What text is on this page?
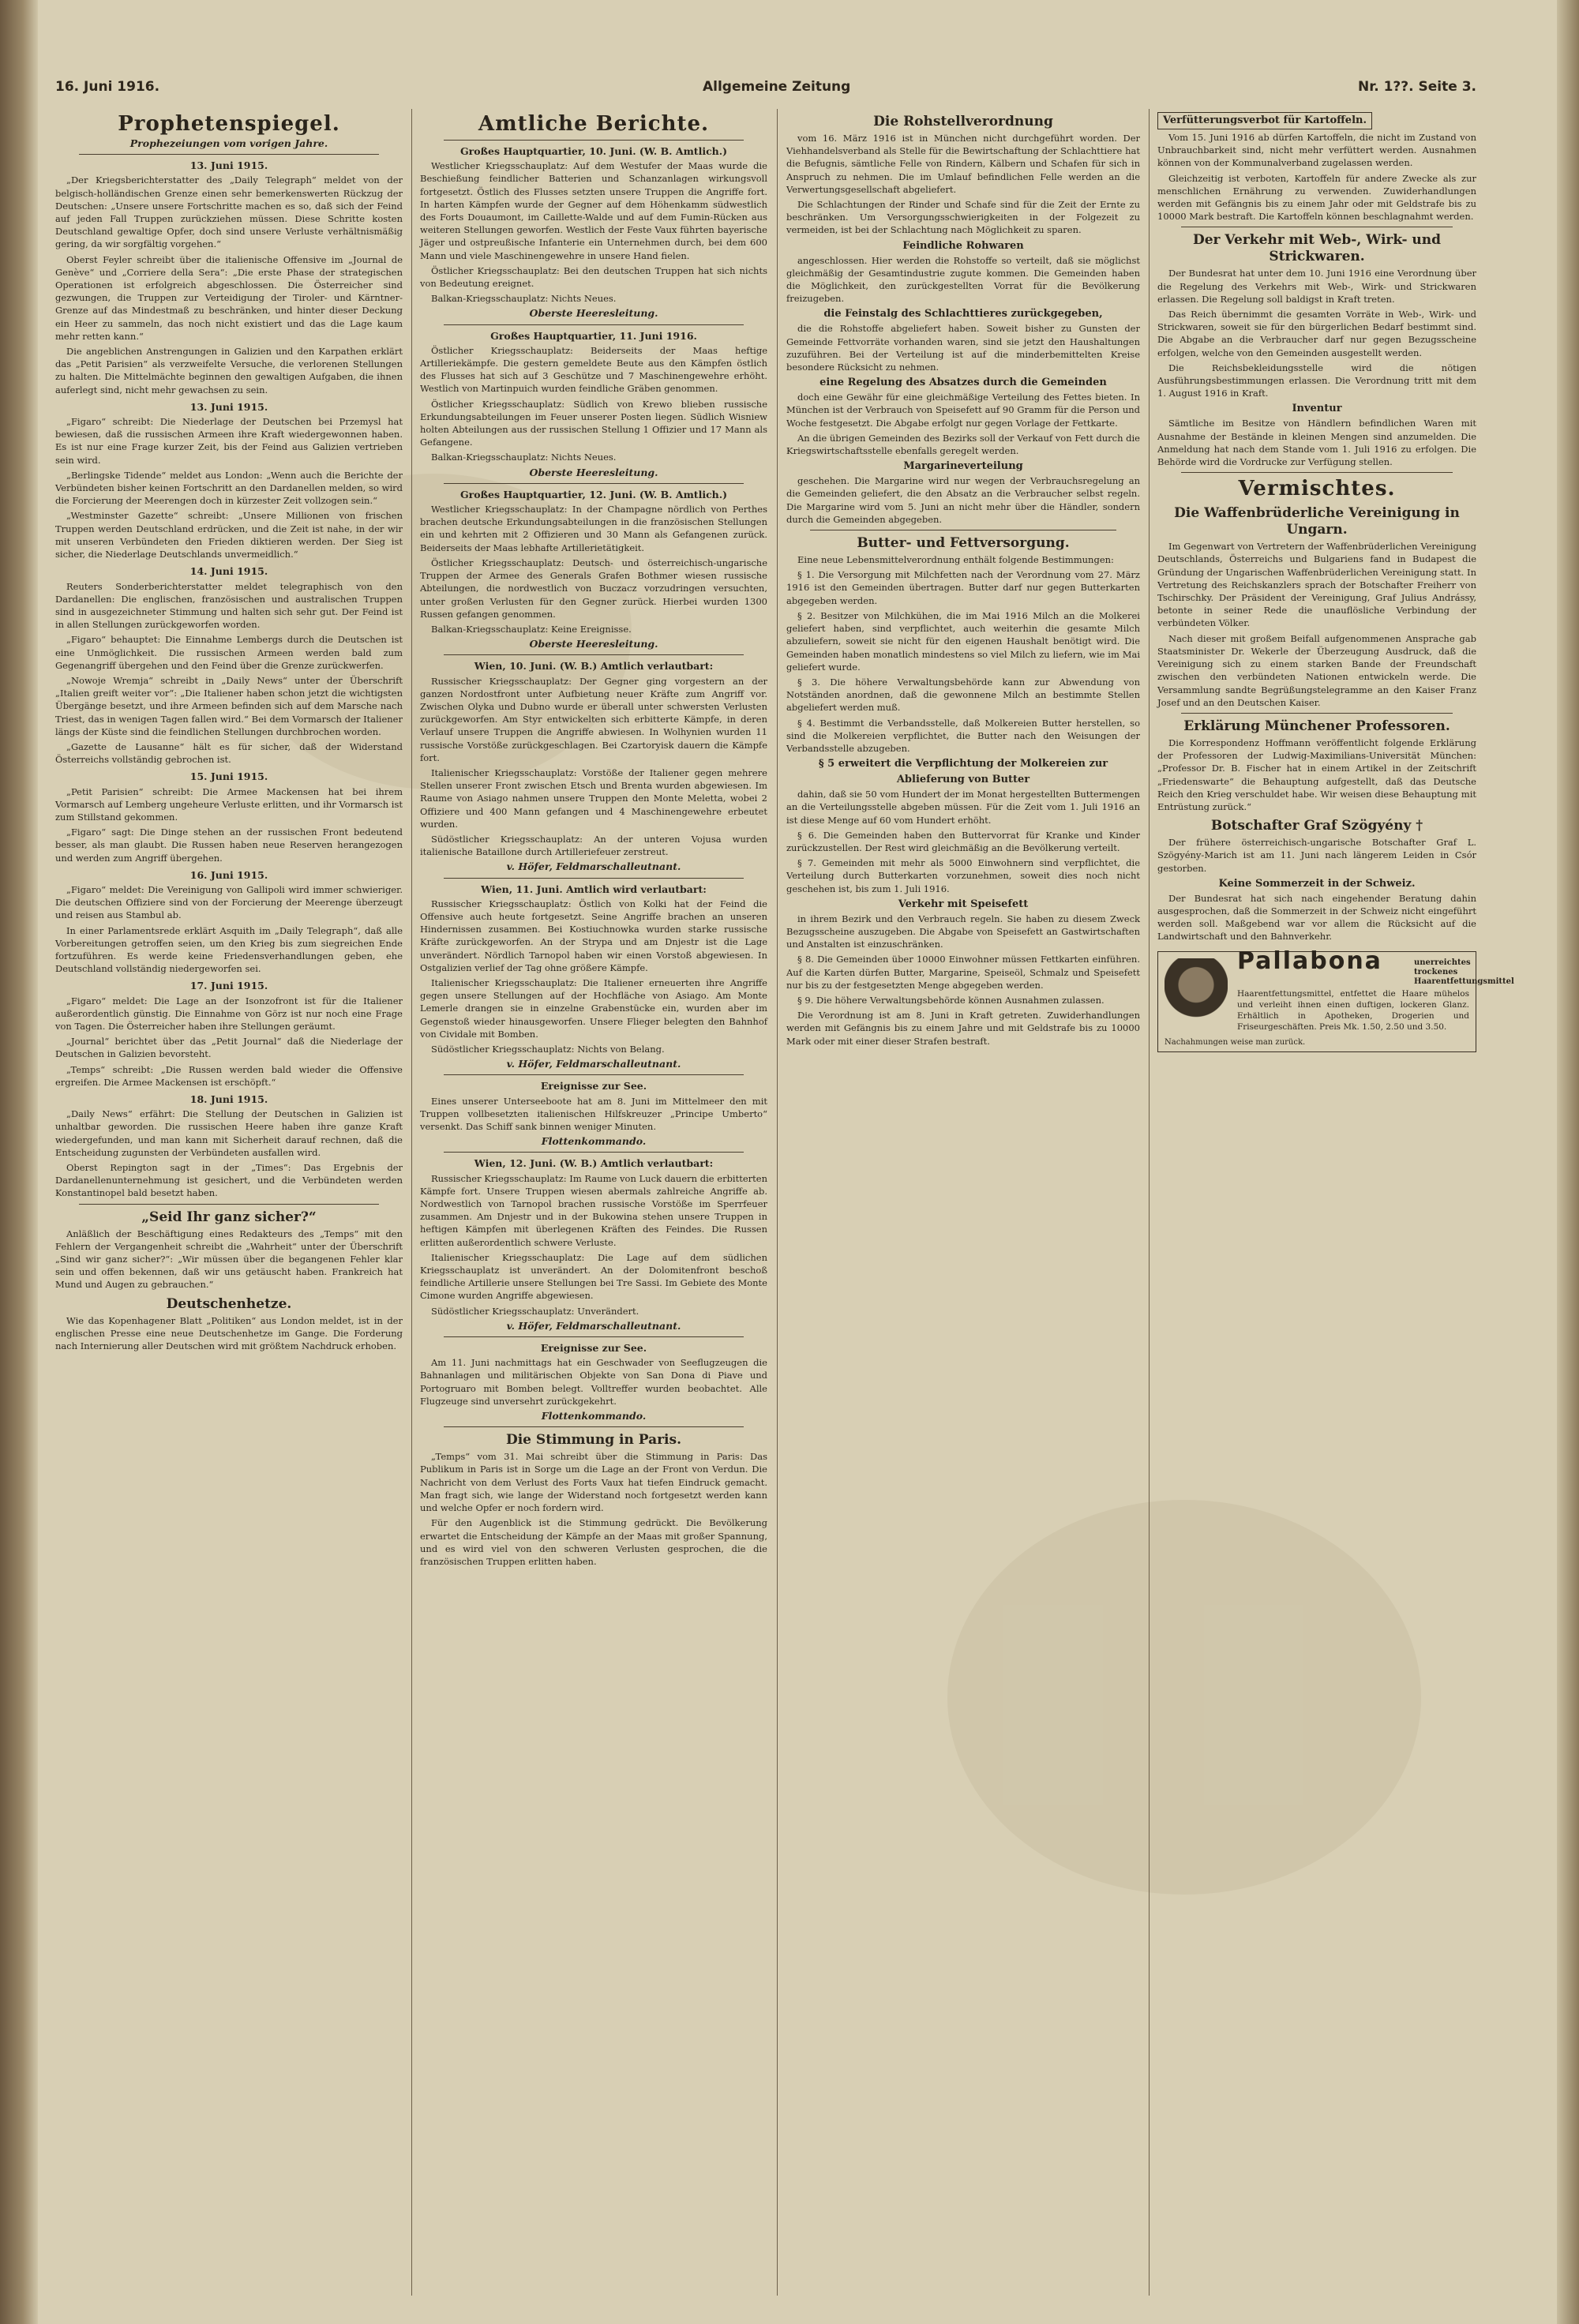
16. Juni 1916.	Allgemeine Zeitung	Nr. 1??. Seite 3.
Prophetenspiegel.
Prophezeiungen vom vorigen Jahre.
13. Juni 1915.

„Der Kriegsberichterstatter des „Daily Telegraph“ meldet von der belgisch-holländischen Grenze einen sehr bemerkenswerten Rückzug der Deutschen: „Unsere unsere Fortschritte machen es so, daß sich der Feind auf jeden Fall Truppen zurückziehen müssen. Diese Schritte kosten Deutschland gewaltige Opfer, doch sind unsere Verluste verhältnismäßig gering, da wir sorgfältig vorgehen.“

Oberst Feyler schreibt über die italienische Offensive im „Journal de Genève“ und „Corriere della Sera“: „Die erste Phase der strategischen Operationen ist erfolgreich abgeschlossen. Die Österreicher sind gezwungen, die Truppen zur Verteidigung der Tiroler- und Kärntner-Grenze auf das Mindestmaß zu beschränken, und hinter dieser Deckung ein Heer zu sammeln, das noch nicht existiert und das die Lage kaum mehr retten kann.“

Die angeblichen Anstrengungen in Galizien und den Karpathen erklärt das „Petit Parisien“ als verzweifelte Versuche, die verlorenen Stellungen zu halten. Die Mittelmächte beginnen den gewaltigen Aufgaben, die ihnen auferlegt sind, nicht mehr gewachsen zu sein.

13. Juni 1915.

„Figaro“ schreibt: Die Niederlage der Deutschen bei Przemysl hat bewiesen, daß die russischen Armeen ihre Kraft wiedergewonnen haben. Es ist nur eine Frage kurzer Zeit, bis der Feind aus Galizien vertrieben sein wird.

„Berlingske Tidende“ meldet aus London: „Wenn auch die Berichte der Verbündeten bisher keinen Fortschritt an den Dardanellen melden, so wird die Forcierung der Meerengen doch in kürzester Zeit vollzogen sein.“

„Westminster Gazette“ schreibt: „Unsere Millionen von frischen Truppen werden Deutschland erdrücken, und die Zeit ist nahe, in der wir mit unseren Verbündeten den Frieden diktieren werden. Der Sieg ist sicher, die Niederlage Deutschlands unvermeidlich.“

14. Juni 1915.

Reuters Sonderberichterstatter meldet telegraphisch von den Dardanellen: Die englischen, französischen und australischen Truppen sind in ausgezeichneter Stimmung und halten sich sehr gut. Der Feind ist in allen Stellungen zurückgeworfen worden.

„Figaro“ behauptet: Die Einnahme Lembergs durch die Deutschen ist eine Unmöglichkeit. Die russischen Armeen werden bald zum Gegenangriff übergehen und den Feind über die Grenze zurückwerfen.

„Nowoje Wremja“ schreibt in „Daily News“ unter der Überschrift „Italien greift weiter vor“: „Die Italiener haben schon jetzt die wichtigsten Übergänge besetzt, und ihre Armeen befinden sich auf dem Marsche nach Triest, das in wenigen Tagen fallen wird.“ Bei dem Vormarsch der Italiener längs der Küste sind die feindlichen Stellungen durchbrochen worden.

„Gazette de Lausanne“ hält es für sicher, daß der Widerstand Österreichs vollständig gebrochen ist.

15. Juni 1915.

„Petit Parisien“ schreibt: Die Armee Mackensen hat bei ihrem Vormarsch auf Lemberg ungeheure Verluste erlitten, und ihr Vormarsch ist zum Stillstand gekommen.

„Figaro“ sagt: Die Dinge stehen an der russischen Front bedeutend besser, als man glaubt. Die Russen haben neue Reserven herangezogen und werden zum Angriff übergehen.

16. Juni 1915.

„Figaro“ meldet: Die Vereinigung von Gallipoli wird immer schwieriger. Die deutschen Offiziere sind von der Forcierung der Meerenge überzeugt und reisen aus Stambul ab.

In einer Parlamentsrede erklärt Asquith im „Daily Telegraph“, daß alle Vorbereitungen getroffen seien, um den Krieg bis zum siegreichen Ende fortzuführen. Es werde keine Friedensverhandlungen geben, ehe Deutschland vollständig niedergeworfen sei.

17. Juni 1915.

„Figaro“ meldet: Die Lage an der Isonzofront ist für die Italiener außerordentlich günstig. Die Einnahme von Görz ist nur noch eine Frage von Tagen. Die Österreicher haben ihre Stellungen geräumt.

„Journal“ berichtet über das „Petit Journal“ daß die Niederlage der Deutschen in Galizien bevorsteht.

„Temps“ schreibt: „Die Russen werden bald wieder die Offensive ergreifen. Die Armee Mackensen ist erschöpft.“

18. Juni 1915.

„Daily News“ erfährt: Die Stellung der Deutschen in Galizien ist unhaltbar geworden. Die russischen Heere haben ihre ganze Kraft wiedergefunden, und man kann mit Sicherheit darauf rechnen, daß die Entscheidung zugunsten der Verbündeten ausfallen wird.

Oberst Repington sagt in der „Times“: Das Ergebnis der Dardanellenunternehmung ist gesichert, und die Verbündeten werden Konstantinopel bald besetzt haben.

„Seid Ihr ganz sicher?“

Anläßlich der Beschäftigung eines Redakteurs des „Temps“ mit den Fehlern der Vergangenheit schreibt die „Wahrheit“ unter der Überschrift „Sind wir ganz sicher?“: „Wir müssen über die begangenen Fehler klar sein und offen bekennen, daß wir uns getäuscht haben. Frankreich hat Mund und Augen zu gebrauchen.“

Deutschenhetze.

Wie das Kopenhagener Blatt „Politiken“ aus London meldet, ist in der englischen Presse eine neue Deutschenhetze im Gange. Die Forderung nach Internierung aller Deutschen wird mit größtem Nachdruck erhoben.

Amtliche Berichte.
Großes Hauptquartier, 10. Juni. (W. B. Amtlich.)

Westlicher Kriegsschauplatz: Auf dem Westufer der Maas wurde die Beschießung feindlicher Batterien und Schanzanlagen wirkungsvoll fortgesetzt. Östlich des Flusses setzten unsere Truppen die Angriffe fort. In harten Kämpfen wurde der Gegner auf dem Höhenkamm südwestlich des Forts Douaumont, im Caillette-Walde und auf dem Fumin-Rücken aus weiteren Stellungen geworfen. Westlich der Feste Vaux führten bayerische Jäger und ostpreußische Infanterie ein Unternehmen durch, bei dem 600 Mann und viele Maschinengewehre in unsere Hand fielen.

Östlicher Kriegsschauplatz: Bei den deutschen Truppen hat sich nichts von Bedeutung ereignet.

Balkan-Kriegsschauplatz: Nichts Neues.

Oberste Heeresleitung.
Großes Hauptquartier, 11. Juni 1916.

Östlicher Kriegsschauplatz: Beiderseits der Maas heftige Artilleriekämpfe. Die gestern gemeldete Beute aus den Kämpfen östlich des Flusses hat sich auf 3 Geschütze und 7 Maschinengewehre erhöht. Westlich von Martinpuich wurden feindliche Gräben genommen.

Östlicher Kriegsschauplatz: Südlich von Krewo blieben russische Erkundungsabteilungen im Feuer unserer Posten liegen. Südlich Wisniew holten Abteilungen aus der russischen Stellung 1 Offizier und 17 Mann als Gefangene.

Balkan-Kriegsschauplatz: Nichts Neues.

Oberste Heeresleitung.
Großes Hauptquartier, 12. Juni. (W. B. Amtlich.)

Westlicher Kriegsschauplatz: In der Champagne nördlich von Perthes brachen deutsche Erkundungsabteilungen in die französischen Stellungen ein und kehrten mit 2 Offizieren und 30 Mann als Gefangenen zurück. Beiderseits der Maas lebhafte Artillerietätigkeit.

Östlicher Kriegsschauplatz: Deutsch- und österreichisch-ungarische Truppen der Armee des Generals Grafen Bothmer wiesen russische Abteilungen, die nordwestlich von Buczacz vorzudringen versuchten, unter großen Verlusten für den Gegner zurück. Hierbei wurden 1300 Russen gefangen genommen.

Balkan-Kriegsschauplatz: Keine Ereignisse.

Oberste Heeresleitung.
Wien, 10. Juni. (W. B.) Amtlich verlautbart:

Russischer Kriegsschauplatz: Der Gegner ging vorgestern an der ganzen Nordostfront unter Aufbietung neuer Kräfte zum Angriff vor. Zwischen Olyka und Dubno wurde er überall unter schwersten Verlusten zurückgeworfen. Am Styr entwickelten sich erbitterte Kämpfe, in deren Verlauf unsere Truppen die Angriffe abwiesen. In Wolhynien wurden 11 russische Vorstöße zurückgeschlagen. Bei Czartoryisk dauern die Kämpfe fort.

Italienischer Kriegsschauplatz: Vorstöße der Italiener gegen mehrere Stellen unserer Front zwischen Etsch und Brenta wurden abgewiesen. Im Raume von Asiago nahmen unsere Truppen den Monte Meletta, wobei 2 Offiziere und 400 Mann gefangen und 4 Maschinengewehre erbeutet wurden.

Südöstlicher Kriegsschauplatz: An der unteren Vojusa wurden italienische Bataillone durch Artilleriefeuer zerstreut.

v. Höfer, Feldmarschalleutnant.
Wien, 11. Juni. Amtlich wird verlautbart:

Russischer Kriegsschauplatz: Östlich von Kolki hat der Feind die Offensive auch heute fortgesetzt. Seine Angriffe brachen an unseren Hindernissen zusammen. Bei Kostiuchnowka wurden starke russische Kräfte zurückgeworfen. An der Strypa und am Dnjestr ist die Lage unverändert. Nördlich Tarnopol haben wir einen Vorstoß abgewiesen. In Ostgalizien verlief der Tag ohne größere Kämpfe.

Italienischer Kriegsschauplatz: Die Italiener erneuerten ihre Angriffe gegen unsere Stellungen auf der Hochfläche von Asiago. Am Monte Lemerle drangen sie in einzelne Grabenstücke ein, wurden aber im Gegenstoß wieder hinausgeworfen. Unsere Flieger belegten den Bahnhof von Cividale mit Bomben.

Südöstlicher Kriegsschauplatz: Nichts von Belang.

v. Höfer, Feldmarschalleutnant.
Ereignisse zur See.

Eines unserer Unterseeboote hat am 8. Juni im Mittelmeer den mit Truppen vollbesetzten italienischen Hilfskreuzer „Principe Umberto“ versenkt. Das Schiff sank binnen weniger Minuten.

Flottenkommando.
Wien, 12. Juni. (W. B.) Amtlich verlautbart:

Russischer Kriegsschauplatz: Im Raume von Luck dauern die erbitterten Kämpfe fort. Unsere Truppen wiesen abermals zahlreiche Angriffe ab. Nordwestlich von Tarnopol brachen russische Vorstöße im Sperrfeuer zusammen. Am Dnjestr und in der Bukowina stehen unsere Truppen in heftigen Kämpfen mit überlegenen Kräften des Feindes. Die Russen erlitten außerordentlich schwere Verluste.

Italienischer Kriegsschauplatz: Die Lage auf dem südlichen Kriegsschauplatz ist unverändert. An der Dolomitenfront beschoß feindliche Artillerie unsere Stellungen bei Tre Sassi. Im Gebiete des Monte Cimone wurden Angriffe abgewiesen.

Südöstlicher Kriegsschauplatz: Unverändert.

v. Höfer, Feldmarschalleutnant.
Ereignisse zur See.

Am 11. Juni nachmittags hat ein Geschwader von Seeflugzeugen die Bahnanlagen und militärischen Objekte von San Dona di Piave und Portogruaro mit Bomben belegt. Volltreffer wurden beobachtet. Alle Flugzeuge sind unversehrt zurückgekehrt.

Flottenkommando.
Die Stimmung in Paris.

„Temps“ vom 31. Mai schreibt über die Stimmung in Paris: Das Publikum in Paris ist in Sorge um die Lage an der Front von Verdun. Die Nachricht von dem Verlust des Forts Vaux hat tiefen Eindruck gemacht. Man fragt sich, wie lange der Widerstand noch fortgesetzt werden kann und welche Opfer er noch fordern wird.

Für den Augenblick ist die Stimmung gedrückt. Die Bevölkerung erwartet die Entscheidung der Kämpfe an der Maas mit großer Spannung, und es wird viel von den schweren Verlusten gesprochen, die die französischen Truppen erlitten haben.

Die Rohstellverordnung

vom 16. März 1916 ist in München nicht durchgeführt worden. Der Viehhandelsverband als Stelle für die Bewirtschaftung der Schlachttiere hat die Befugnis, sämtliche Felle von Rindern, Kälbern und Schafen für sich in Anspruch zu nehmen. Die im Umlauf befindlichen Felle werden an die Verwertungsgesellschaft abgeliefert.

Die Schlachtungen der Rinder und Schafe sind für die Zeit der Ernte zu beschränken. Um Versorgungsschwierigkeiten in der Folgezeit zu vermeiden, ist bei der Schlachtung nach Möglichkeit zu sparen.

Feindliche Rohwaren

angeschlossen. Hier werden die Rohstoffe so verteilt, daß sie möglichst gleichmäßig der Gesamtindustrie zugute kommen. Die Gemeinden haben die Möglichkeit, den zurückgestellten Vorrat für die Bevölkerung freizugeben.

die Feinstalg des Schlachttieres zurückgegeben,

die die Rohstoffe abgeliefert haben. Soweit bisher zu Gunsten der Gemeinde Fettvorräte vorhanden waren, sind sie jetzt den Haushaltungen zuzuführen. Bei der Verteilung ist auf die minderbemittelten Kreise besondere Rücksicht zu nehmen.

eine Regelung des Absatzes durch die Gemeinden

doch eine Gewähr für eine gleichmäßige Verteilung des Fettes bieten. In München ist der Verbrauch von Speisefett auf 90 Gramm für die Person und Woche festgesetzt. Die Abgabe erfolgt nur gegen Vorlage der Fettkarte.

An die übrigen Gemeinden des Bezirks soll der Verkauf von Fett durch die Kriegswirtschaftsstelle ebenfalls geregelt werden.

Margarineverteilung

geschehen. Die Margarine wird nur wegen der Verbrauchsregelung an die Gemeinden geliefert, die den Absatz an die Verbraucher selbst regeln. Die Margarine wird vom 5. Juni an nicht mehr über die Händler, sondern durch die Gemeinden abgegeben.

Butter- und Fettversorgung.

Eine neue Lebensmittelverordnung enthält folgende Bestimmungen:

§ 1. Die Versorgung mit Milchfetten nach der Verordnung vom 27. März 1916 ist den Gemeinden übertragen. Butter darf nur gegen Butterkarten abgegeben werden.

§ 2. Besitzer von Milchkühen, die im Mai 1916 Milch an die Molkerei geliefert haben, sind verpflichtet, auch weiterhin die gesamte Milch abzuliefern, soweit sie nicht für den eigenen Haushalt benötigt wird. Die Gemeinden haben monatlich mindestens so viel Milch zu liefern, wie im Mai geliefert wurde.

§ 3. Die höhere Verwaltungsbehörde kann zur Abwendung von Notständen anordnen, daß die gewonnene Milch an bestimmte Stellen abgeliefert werden muß.

§ 4. Bestimmt die Verbandsstelle, daß Molkereien Butter herstellen, so sind die Molkereien verpflichtet, die Butter nach den Weisungen der Verbandsstelle abzugeben.

§ 5 erweitert die Verpflichtung der Molkereien zur
Ablieferung von Butter

dahin, daß sie 50 vom Hundert der im Monat hergestellten Buttermengen an die Verteilungsstelle abgeben müssen. Für die Zeit vom 1. Juli 1916 an ist diese Menge auf 60 vom Hundert erhöht.

§ 6. Die Gemeinden haben den Buttervorrat für Kranke und Kinder zurückzustellen. Der Rest wird gleichmäßig an die Bevölkerung verteilt.

§ 7. Gemeinden mit mehr als 5000 Einwohnern sind verpflichtet, die Verteilung durch Butterkarten vorzunehmen, soweit dies noch nicht geschehen ist, bis zum 1. Juli 1916.

Verkehr mit Speisefett

in ihrem Bezirk und den Verbrauch regeln. Sie haben zu diesem Zweck Bezugsscheine auszugeben. Die Abgabe von Speisefett an Gastwirtschaften und Anstalten ist einzuschränken.

§ 8. Die Gemeinden über 10000 Einwohner müssen Fettkarten einführen. Auf die Karten dürfen Butter, Margarine, Speiseöl, Schmalz und Speisefett nur bis zu der festgesetzten Menge abgegeben werden.

§ 9. Die höhere Verwaltungsbehörde können Ausnahmen zulassen.

Die Verordnung ist am 8. Juni in Kraft getreten. Zuwiderhandlungen werden mit Gefängnis bis zu einem Jahre und mit Geldstrafe bis zu 10000 Mark oder mit einer dieser Strafen bestraft.

Verfütterungsverbot für Kartoffeln.

Vom 15. Juni 1916 ab dürfen Kartoffeln, die nicht im Zustand von Unbrauchbarkeit sind, nicht mehr verfüttert werden. Ausnahmen können von der Kommunalverband zugelassen werden.

Gleichzeitig ist verboten, Kartoffeln für andere Zwecke als zur menschlichen Ernährung zu verwenden. Zuwiderhandlungen werden mit Gefängnis bis zu einem Jahr oder mit Geldstrafe bis zu 10000 Mark bestraft. Die Kartoffeln können beschlagnahmt werden.

Der Verkehr mit Web-, Wirk- und Strickwaren.

Der Bundesrat hat unter dem 10. Juni 1916 eine Verordnung über die Regelung des Verkehrs mit Web-, Wirk- und Strickwaren erlassen. Die Regelung soll baldigst in Kraft treten.

Das Reich übernimmt die gesamten Vorräte in Web-, Wirk- und Strickwaren, soweit sie für den bürgerlichen Bedarf bestimmt sind. Die Abgabe an die Verbraucher darf nur gegen Bezugsscheine erfolgen, welche von den Gemeinden ausgestellt werden.

Die Reichsbekleidungsstelle wird die nötigen Ausführungsbestimmungen erlassen. Die Verordnung tritt mit dem 1. August 1916 in Kraft.

Inventur

Sämtliche im Besitze von Händlern befindlichen Waren mit Ausnahme der Bestände in kleinen Mengen sind anzumelden. Die Anmeldung hat nach dem Stande vom 1. Juli 1916 zu erfolgen. Die Behörde wird die Vordrucke zur Verfügung stellen.

Vermischtes.
Die Waffenbrüderliche Vereinigung in Ungarn.

Im Gegenwart von Vertretern der Waffenbrüderlichen Vereinigung Deutschlands, Österreichs und Bulgariens fand in Budapest die Gründung der Ungarischen Waffenbrüderlichen Vereinigung statt. In Vertretung des Reichskanzlers sprach der Botschafter Freiherr von Tschirschky. Der Präsident der Vereinigung, Graf Julius Andrássy, betonte in seiner Rede die unauflösliche Verbindung der verbündeten Völker.

Nach dieser mit großem Beifall aufgenommenen Ansprache gab Staatsminister Dr. Wekerle der Überzeugung Ausdruck, daß die Vereinigung sich zu einem starken Bande der Freundschaft zwischen den verbündeten Nationen entwickeln werde. Die Versammlung sandte Begrüßungstelegramme an den Kaiser Franz Josef und an den Deutschen Kaiser.

Erklärung Münchener Professoren.

Die Korrespondenz Hoffmann veröffentlicht folgende Erklärung der Professoren der Ludwig-Maximilians-Universität München: „Professor Dr. B. Fischer hat in einem Artikel in der Zeitschrift „Friedenswarte“ die Behauptung aufgestellt, daß das Deutsche Reich den Krieg verschuldet habe. Wir weisen diese Behauptung mit Entrüstung zurück.“

Botschafter Graf Szögyény †

Der frühere österreichisch-ungarische Botschafter Graf L. Szögyény-Marich ist am 11. Juni nach längerem Leiden in Csór gestorben.

Keine Sommerzeit in der Schweiz.

Der Bundesrat hat sich nach eingehender Beratung dahin ausgesprochen, daß die Sommerzeit in der Schweiz nicht eingeführt werden soll. Maßgebend war vor allem die Rücksicht auf die Landwirtschaft und den Bahnverkehr.

Pallabona	unerreichtes trockenes Haarentfettungsmittel
Haarentfettungsmittel, entfettet die Haare mühelos und verleiht ihnen einen duftigen, lockeren Glanz. Erhältlich in Apotheken, Drogerien und Friseurgeschäften. Preis Mk. 1.50, 2.50 und 3.50.
Nachahmungen weise man zurück.
